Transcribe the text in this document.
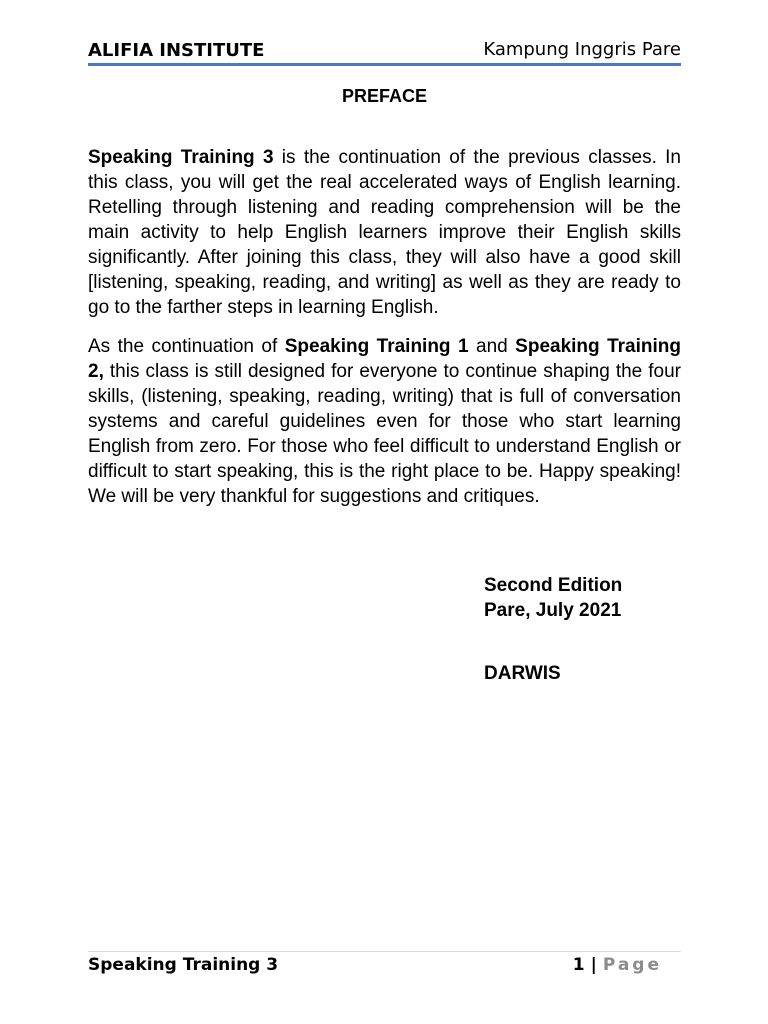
ALIFIA INSTITUTE	Kampung Inggris Pare
PREFACE
Speaking Training 3 is the continuation of the previous classes. In this class, you will get the real accelerated ways of English learning. Retelling through listening and reading comprehension will be the main activity to help English learners improve their English skills significantly. After joining this class, they will also have a good skill [listening, speaking, reading, and writing] as well as they are ready to go to the farther steps in learning English.
As the continuation of Speaking Training 1 and Speaking Training 2, this class is still designed for everyone to continue shaping the four skills, (listening, speaking, reading, writing) that is full of conversation systems and careful guidelines even for those who start learning English from zero. For those who feel difficult to understand English or difficult to start speaking, this is the right place to be. Happy speaking! We will be very thankful for suggestions and critiques.
Second Edition
Pare, July 2021
DARWIS
Speaking Training 3	1 | Page
